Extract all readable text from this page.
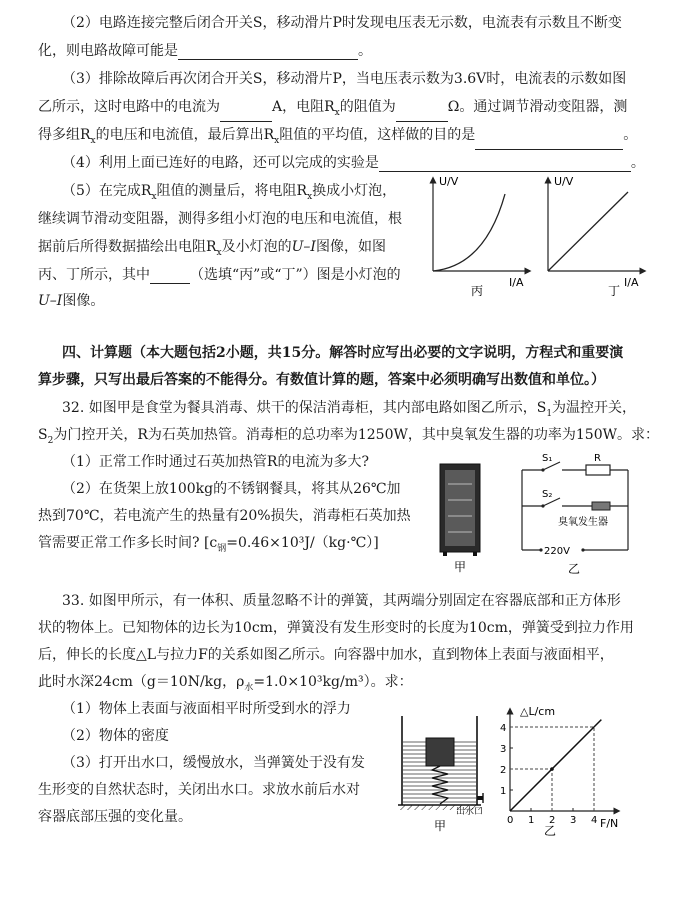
（2）电路连接完整后闭合开关S，移动滑片P时发现电压表无示数，电流表有示数且不断变
化，则电路故障可能是	。
（3）排除故障后再次闭合开关S，移动滑片P，当电压表示数为3.6V时，电流表的示数如图
乙所示，这时电路中的电流为	A，电阻$R_x$的阻值为	Ω。通过调节滑动变阻器，测
得多组$R_x$的电压和电流值，最后算出$R_x$阻值的平均值，这样做的目的是	。
（4）利用上面已连好的电路，还可以完成的实验是	。
（5）在完成$R_x$阻值的测量后，将电阻$R_x$换成小灯泡，
继续调节滑动变阻器，测得多组小灯泡的电压和电流值，根
据前后所得数据描绘出电阻$R_x$及小灯泡的U–I图像，如图
丙、丁所示，其中	（选填“丙”或“丁”）图是小灯泡的
U–I图像。
U/V
I/A
丙
U/V
I/A
丁
四、计算题（本大题包括2小题，共15分。解答时应写出必要的文字说明，方程式和重要演
算步骤，只写出最后答案的不能得分。有数值计算的题，答案中必须明确写出数值和单位。）
32. 如图甲是食堂为餐具消毒、烘干的保洁消毒柜，其内部电路如图乙所示，$S_1$为温控开关，
$S_2$为门控开关，R为石英加热管。消毒柜的总功率为1250W，其中臭氧发生器的功率为150W。求：
（1）正常工作时通过石英加热管R的电流为多大?
（2）在货架上放100kg的不锈钢餐具，将其从26℃加
热到70℃，若电流产生的热量有20%损失，消毒柜石英加热
管需要正常工作多长时间? $[c_钢=0.46\times 10^3J/(kg\cdot℃)]$
甲
S₁	R
S₂
臭氧发生器
220V
乙
33. 如图甲所示，有一体积、质量忽略不计的弹簧，其两端分别固定在容器底部和正方体形
状的物体上。已知物体的边长为10cm，弹簧没有发生形变时的长度为10cm，弹簧受到拉力作用
后，伸长的长度△L与拉力F的关系如图乙所示。向容器中加水，直到物体上表面与液面相平，
此时水深24cm（g＝10N/kg，$\rho_水=1.0\times 10^3kg/m^3$）。求：
（1）物体上表面与液面相平时所受到水的浮力
（2）物体的密度
（3）打开出水口，缓慢放水，当弹簧处于没有发
生形变的自然状态时，关闭出水口。求放水前后水对
容器底部压强的变化量。	出水口
甲
△L/cm
F/N
乙
0 1 2 3 4
1
2
3
4
